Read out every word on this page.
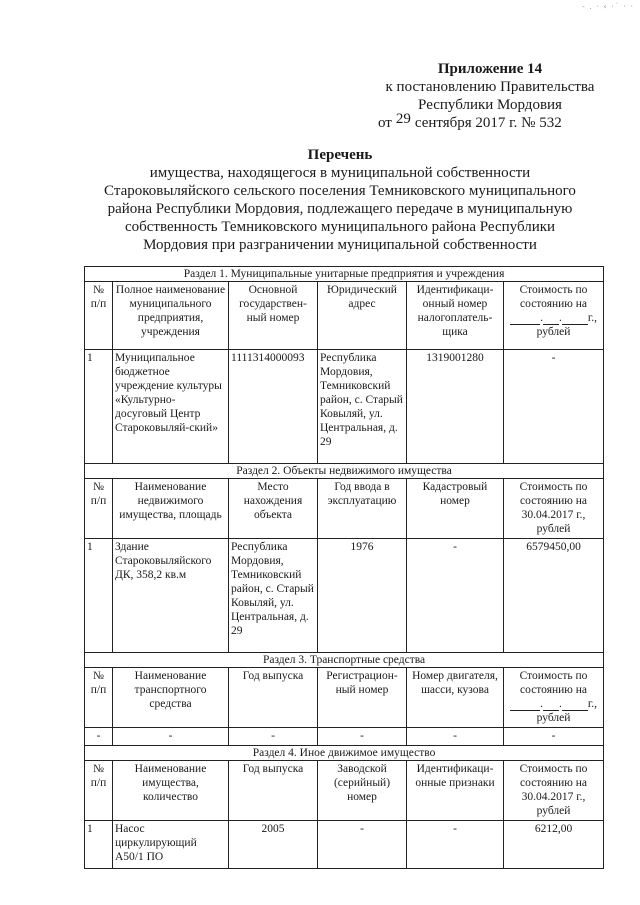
- . · ‹ ·˙ · ·
Приложение 14
к постановлению Правительства
Республики Мордовия
от 29 сентября 2017 г. № 532
Перечень
имущества, находящегося в муниципальной собственности
Староковыляйского сельского поселения Темниковского муниципального
района Республики Мордовия, подлежащего передаче в муниципальную
собственность Темниковского муниципального района Республики
Мордовия при разграничении муниципальной собственности
Раздел 1. Муниципальные унитарные предприятия и учреждения					
№ п/п	Полное наименование муниципального предприятия, учреждения	Основной государствен-ный номер	Юридический адрес	Идентификаци-онный номер налогоплатель-щика	Стоимость по состоянию на
. . г.,
рублей

1	Муниципальное бюджетное учреждение культуры «Культурно-досуговый Центр Староковыляй-ский»	1111314000093	Республика Мордовия, Темниковский район, с. Старый Ковыляй, ул. Центральная, д. 29	1319001280	-
Раздел 2. Объекты недвижимого имущества					
№ п/п	Наименование недвижимого имущества, площадь	Место нахождения объекта	Год ввода в эксплуатацию	Кадастровый номер	Стоимость по состоянию на 30.04.2017 г., рублей
1	Здание Староковыляйского ДК, 358,2 кв.м	Республика Мордовия, Темниковский район, с. Старый Ковыляй, ул. Центральная, д. 29	1976	-	6579450,00
Раздел 3. Транспортные средства					
№ п/п	Наименование транспортного средства	Год выпуска	Регистрацион-ный номер	Номер двигателя, шасси, кузова	Стоимость по состоянию на
. . г.,
рублей

-	-	-	-	-	-
Раздел 4. Иное движимое имущество					
№ п/п	Наименование имущества, количество	Год выпуска	Заводской (серийный) номер	Идентификаци-онные признаки	Стоимость по состоянию на 30.04.2017 г., рублей
1	Насос циркулирующий А50/1 ПО	2005	-	-	6212,00
